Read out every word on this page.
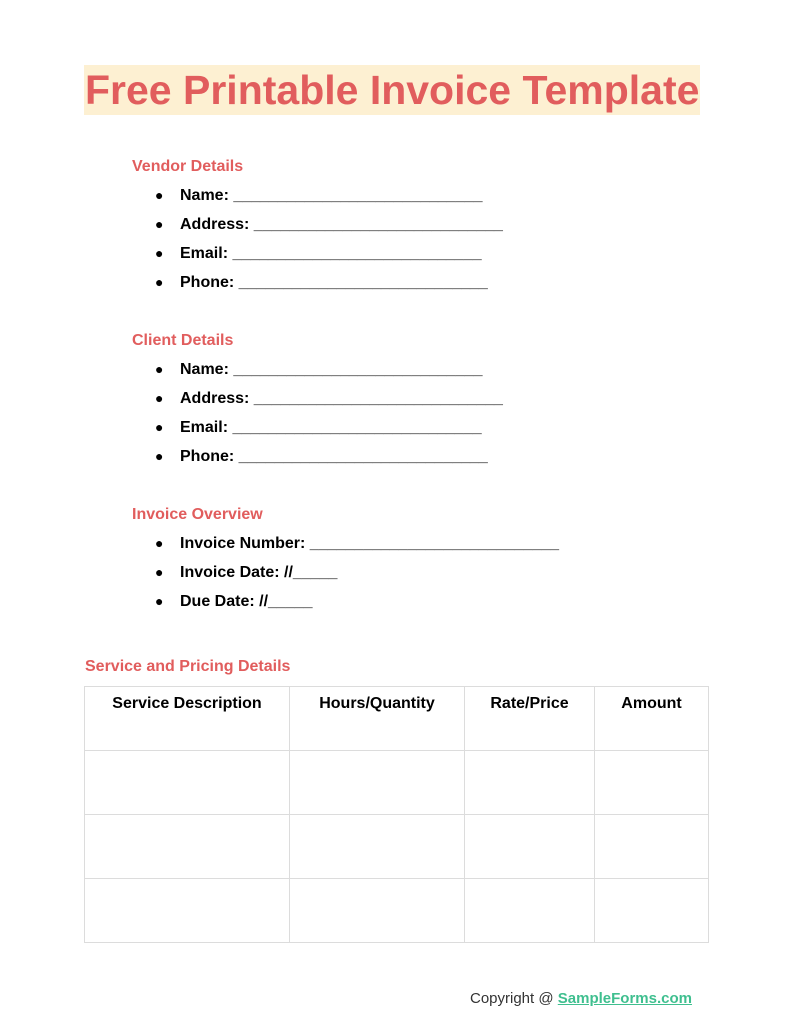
Free Printable Invoice Template
Vendor Details
● Name: ____________________________
● Address: ____________________________
● Email: ____________________________
● Phone: ____________________________
Client Details
● Name: ____________________________
● Address: ____________________________
● Email: ____________________________
● Phone: ____________________________
Invoice Overview
● Invoice Number: ____________________________
● Invoice Date: //_____
● Due Date: //_____
Service and Pricing Details
Service Description	Hours/Quantity	Rate/Price	Amount

Copyright @ SampleForms.com
